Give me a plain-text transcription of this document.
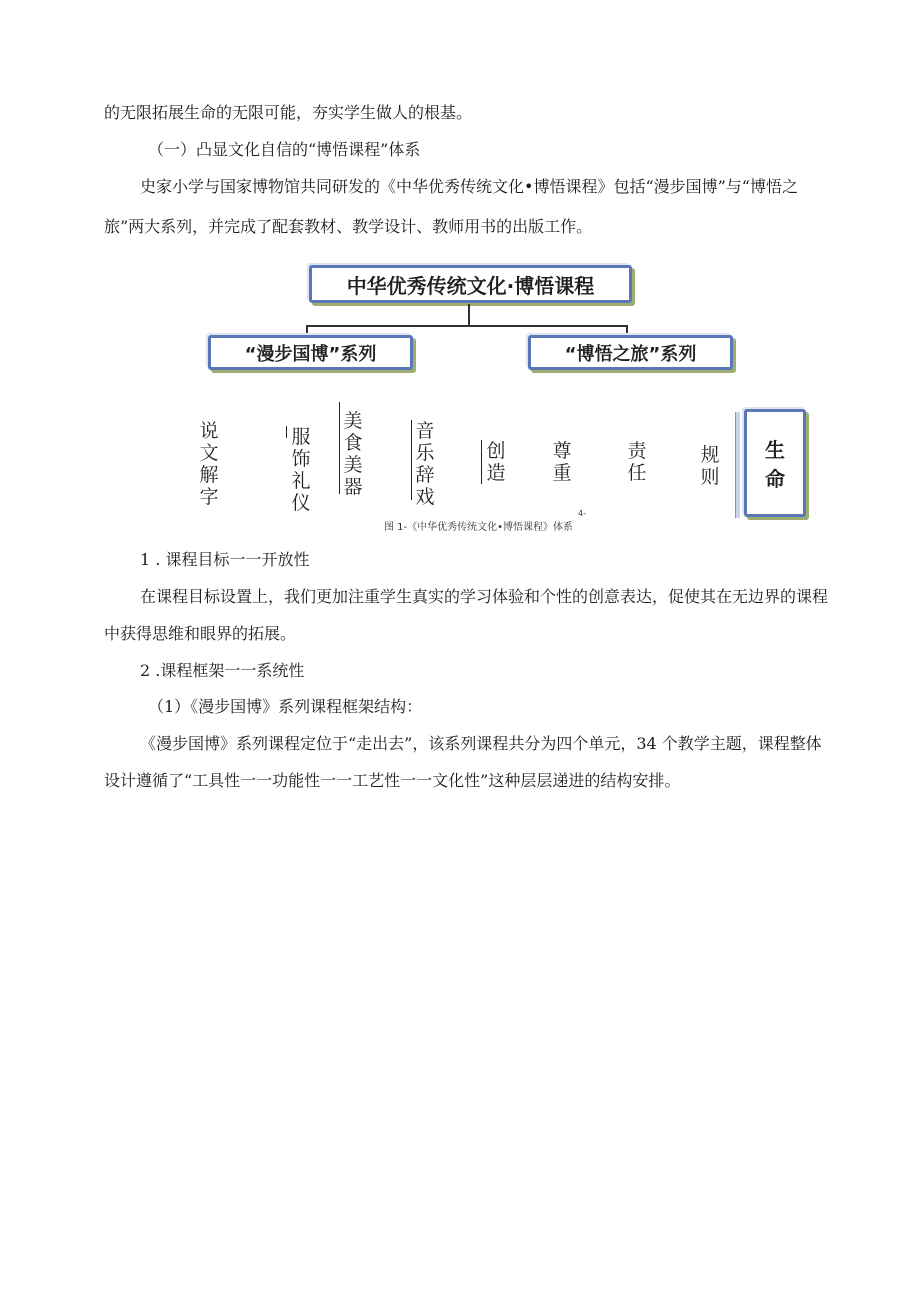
的无限拓展生命的无限可能，夯实学生做人的根基。
（一）凸显文化自信的“博悟课程”体系
史家小学与国家博物馆共同研发的《中华优秀传统文化•博悟课程》包括“漫步国博”与“博悟之
旅”两大系列，并完成了配套教材、教学设计、教师用书的出版工作。
中华优秀传统文化·博悟课程
“漫步国博”系列	“博悟之旅”系列
说
文
解
字
服
饰
礼
仪
美
食
美
器
音
乐
辞
戏
创
造
尊
重
责
任
规
则
生
命
4-
图 1-《中华优秀传统文化•博悟课程》体系
1 . 课程目标一一开放性
在课程目标设置上，我们更加注重学生真实的学习体验和个性的创意表达，促使其在无边界的课程
中获得思维和眼界的拓展。
2 .课程框架一一系统性
（1）《漫步国博》系列课程框架结构：
《漫步国博》系列课程定位于“走出去”，该系列课程共分为四个单元，34 个教学主题，课程整体
设计遵循了“工具性一一功能性一一工艺性一一文化性”这种层层递进的结构安排。
